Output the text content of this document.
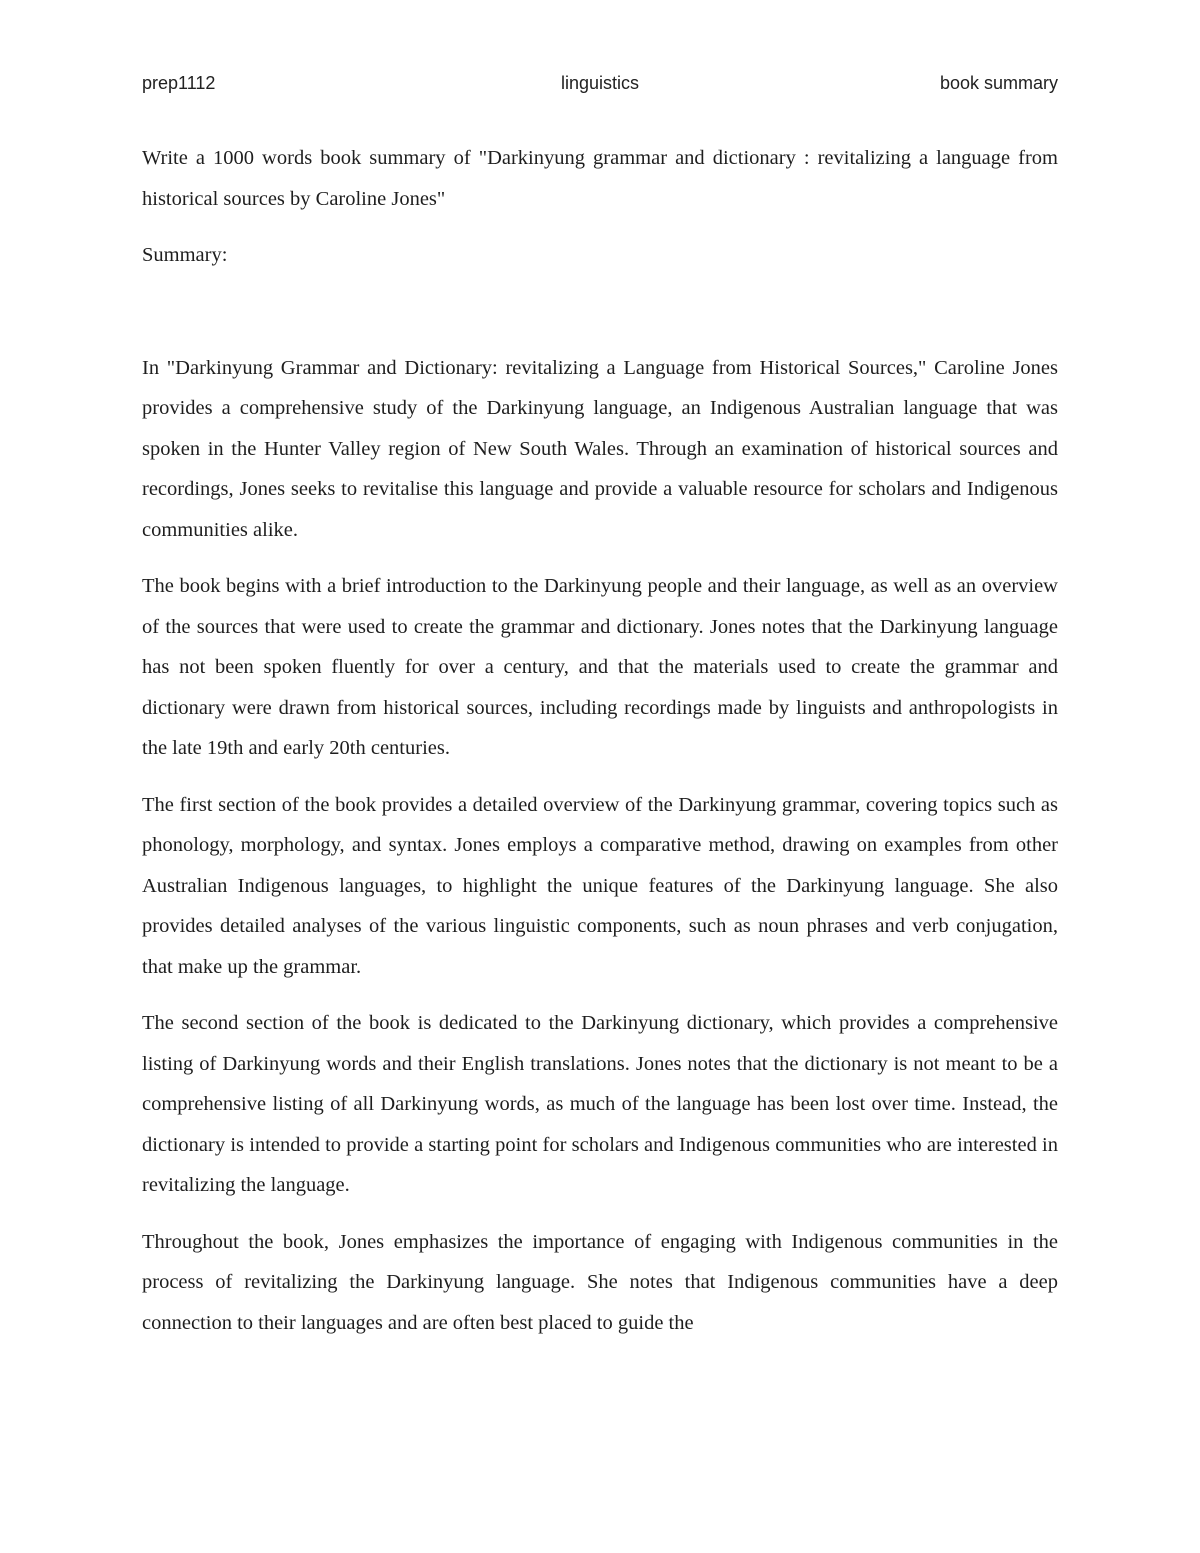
prep1112	linguistics	book summary

Write a 1000 words book summary of "Darkinyung grammar and dictionary : revitalizing a language from historical sources by Caroline Jones"

Summary:

In "Darkinyung Grammar and Dictionary: revitalizing a Language from Historical Sources," Caroline Jones provides a comprehensive study of the Darkinyung language, an Indigenous Australian language that was spoken in the Hunter Valley region of New South Wales. Through an examination of historical sources and recordings, Jones seeks to revitalise this language and provide a valuable resource for scholars and Indigenous communities alike.

The book begins with a brief introduction to the Darkinyung people and their language, as well as an overview of the sources that were used to create the grammar and dictionary. Jones notes that the Darkinyung language has not been spoken fluently for over a century, and that the materials used to create the grammar and dictionary were drawn from historical sources, including recordings made by linguists and anthropologists in the late 19th and early 20th centuries.

The first section of the book provides a detailed overview of the Darkinyung grammar, covering topics such as phonology, morphology, and syntax. Jones employs a comparative method, drawing on examples from other Australian Indigenous languages, to highlight the unique features of the Darkinyung language. She also provides detailed analyses of the various linguistic components, such as noun phrases and verb conjugation, that make up the grammar.

The second section of the book is dedicated to the Darkinyung dictionary, which provides a comprehensive listing of Darkinyung words and their English translations. Jones notes that the dictionary is not meant to be a comprehensive listing of all Darkinyung words, as much of the language has been lost over time. Instead, the dictionary is intended to provide a starting point for scholars and Indigenous communities who are interested in revitalizing the language.

Throughout the book, Jones emphasizes the importance of engaging with Indigenous communities in the process of revitalizing the Darkinyung language. She notes that Indigenous communities have a deep connection to their languages and are often best placed to guide the
